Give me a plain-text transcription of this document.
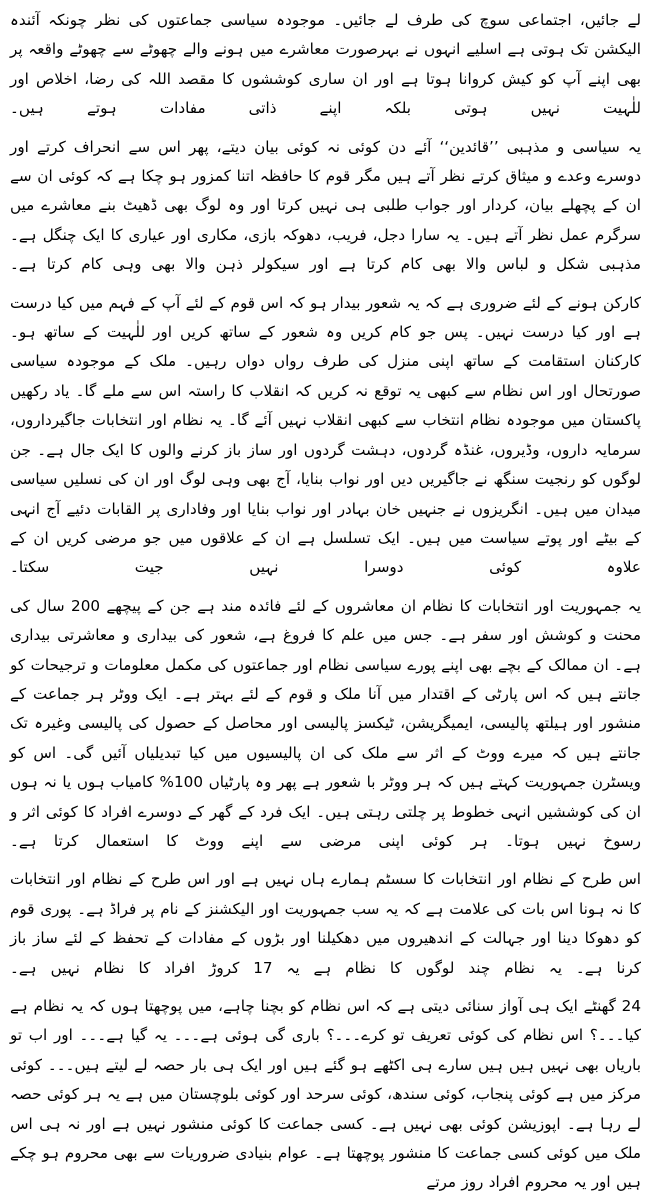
لے جائیں، اجتماعی سوچ کی طرف لے جائیں۔ موجودہ سیاسی جماعتوں کی نظر چونکہ آئندہ الیکشن تک ہوتی ہے اسلیے انہوں نے بہرصورت معاشرے میں ہونے والے چھوٹے سے چھوٹے واقعہ پر بھی اپنے آپ کو کیش کروانا ہوتا ہے اور ان ساری کوششوں کا مقصد اللہ کی رضا، اخلاص اور للٰہیت نہیں ہوتی بلکہ اپنے ذاتی مفادات ہوتے ہیں۔

یہ سیاسی و مذہبی ’’قائدین‘‘ آئے دن کوئی نہ کوئی بیان دیتے، پھر اس سے انحراف کرتے اور دوسرے وعدے و میثاق کرتے نظر آتے ہیں مگر قوم کا حافظہ اتنا کمزور ہو چکا ہے کہ کوئی ان سے ان کے پچھلے بیان، کردار اور جواب طلبی ہی نہیں کرتا اور وہ لوگ بھی ڈھیٹ بنے معاشرے میں سرگرم عمل نظر آتے ہیں۔ یہ سارا دجل، فریب، دھوکہ بازی، مکاری اور عیاری کا ایک چنگل ہے۔ مذہبی شکل و لباس والا بھی کام کرتا ہے اور سیکولر ذہن والا بھی وہی کام کرتا ہے۔

کارکن ہونے کے لئے ضروری ہے کہ یہ شعور بیدار ہو کہ اس قوم کے لئے آپ کے فہم میں کیا درست ہے اور کیا درست نہیں۔ پس جو کام کریں وہ شعور کے ساتھ کریں اور للٰہیت کے ساتھ ہو۔ کارکنان استقامت کے ساتھ اپنی منزل کی طرف رواں دواں رہیں۔ ملک کے موجودہ سیاسی صورتحال اور اس نظام سے کبھی یہ توقع نہ کریں کہ انقلاب کا راستہ اس سے ملے گا۔ یاد رکھیں پاکستان میں موجودہ نظام انتخاب سے کبھی انقلاب نہیں آئے گا۔ یہ نظام اور انتخابات جاگیرداروں، سرمایہ داروں، وڈیروں، غنڈہ گردوں، دہشت گردوں اور ساز باز کرنے والوں کا ایک جال ہے۔ جن لوگوں کو رنجیت سنگھ نے جاگیریں دیں اور نواب بنایا، آج بھی وہی لوگ اور ان کی نسلیں سیاسی میدان میں ہیں۔ انگریزوں نے جنہیں خان بہادر اور نواب بنایا اور وفاداری پر القابات دئیے آج انہی کے بیٹے اور پوتے سیاست میں ہیں۔ ایک تسلسل ہے ان کے علاقوں میں جو مرضی کریں ان کے علاوہ کوئی دوسرا نہیں جیت سکتا۔

یہ جمہوریت اور انتخابات کا نظام ان معاشروں کے لئے فائدہ مند ہے جن کے پیچھے 200 سال کی محنت و کوشش اور سفر ہے۔ جس میں علم کا فروغ ہے، شعور کی بیداری و معاشرتی بیداری ہے۔ ان ممالک کے بچے بھی اپنے پورے سیاسی نظام اور جماعتوں کی مکمل معلومات و ترجیحات کو جانتے ہیں کہ اس پارٹی کے اقتدار میں آنا ملک و قوم کے لئے بہتر ہے۔ ایک ووٹر ہر جماعت کے منشور اور ہیلتھ پالیسی، ایمیگریشن، ٹیکسز پالیسی اور محاصل کے حصول کی پالیسی وغیرہ تک جانتے ہیں کہ میرے ووٹ کے اثر سے ملک کی ان پالیسیوں میں کیا تبدیلیاں آئیں گی۔ اس کو ویسٹرن جمہوریت کہتے ہیں کہ ہر ووٹر با شعور ہے پھر وہ پارٹیاں 100% کامیاب ہوں یا نہ ہوں ان کی کوششیں انہی خطوط پر چلتی رہتی ہیں۔ ایک فرد کے گھر کے دوسرے افراد کا کوئی اثر و رسوخ نہیں ہوتا۔ ہر کوئی اپنی مرضی سے اپنے ووٹ کا استعمال کرتا ہے۔

اس طرح کے نظام اور انتخابات کا سسٹم ہمارے ہاں نہیں ہے اور اس طرح کے نظام اور انتخابات کا نہ ہونا اس بات کی علامت ہے کہ یہ سب جمہوریت اور الیکشنز کے نام پر فراڈ ہے۔ پوری قوم کو دھوکا دینا اور جہالت کے اندھیروں میں دھکیلنا اور بڑوں کے مفادات کے تحفظ کے لئے ساز باز کرنا ہے۔ یہ نظام چند لوگوں کا نظام ہے یہ 17 کروڑ افراد کا نظام نہیں ہے۔

24 گھنٹے ایک ہی آواز سنائی دیتی ہے کہ اس نظام کو بچنا چاہے، میں پوچھتا ہوں کہ یہ نظام ہے کیا۔۔۔؟ اس نظام کی کوئی تعریف تو کرے۔۔۔؟ باری گی ہوئی ہے۔۔۔ یہ گیا ہے۔۔۔ اور اب تو باریاں بھی نہیں ہیں ہیں سارے ہی اکٹھے ہو گئے ہیں اور ایک ہی بار حصہ لے لیتے ہیں۔۔۔ کوئی مرکز میں ہے کوئی پنجاب، کوئی سندھ، کوئی سرحد اور کوئی بلوچستان میں ہے یہ ہر کوئی حصہ لے رہا ہے۔ اپوزیشن کوئی بھی نہیں ہے۔ کسی جماعت کا کوئی منشور نہیں ہے اور نہ ہی اس ملک میں کوئی کسی جماعت کا منشور پوچھتا ہے۔ عوام بنیادی ضروریات سے بھی محروم ہو چکے ہیں اور یہ محروم افراد روز مرتے
